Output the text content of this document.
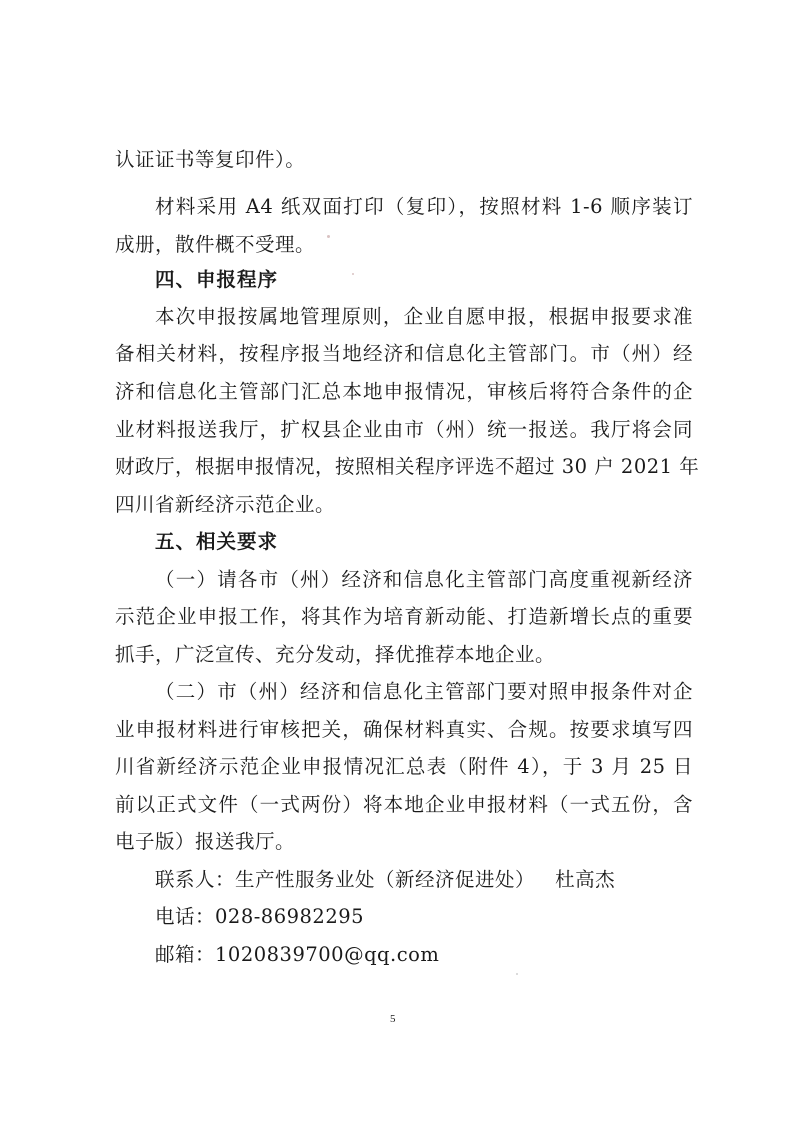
认证证书等复印件）。
材料采用 A4 纸双面打印（复印），按照材料 1-6 顺序装订
成册，散件概不受理。
四、申报程序
本次申报按属地管理原则，企业自愿申报，根据申报要求准
备相关材料，按程序报当地经济和信息化主管部门。市（州）经
济和信息化主管部门汇总本地申报情况，审核后将符合条件的企
业材料报送我厅，扩权县企业由市（州）统一报送。我厅将会同
财政厅，根据申报情况，按照相关程序评选不超过 30 户 2021 年
四川省新经济示范企业。
五、相关要求
（一）请各市（州）经济和信息化主管部门高度重视新经济
示范企业申报工作，将其作为培育新动能、打造新增长点的重要
抓手，广泛宣传、充分发动，择优推荐本地企业。
（二）市（州）经济和信息化主管部门要对照申报条件对企
业申报材料进行审核把关，确保材料真实、合规。按要求填写四
川省新经济示范企业申报情况汇总表（附件 4），于 3 月 25 日
前以正式文件（一式两份）将本地企业申报材料（一式五份，含
电子版）报送我厅。
联系人：生产性服务业处（新经济促进处）   杜高杰
电话：028-86982295
邮箱：1020839700@qq.com
5
